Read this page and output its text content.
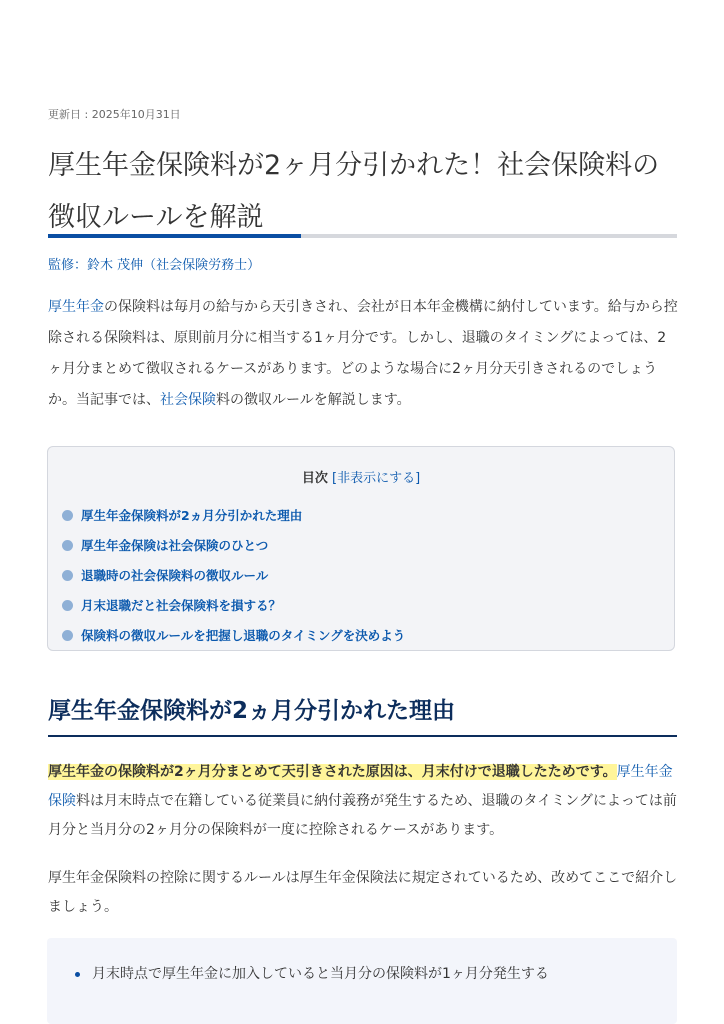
更新日 : 2025年10月31日
厚生年金保険料が2ヶ月分引かれた！社会保険料の徴収ルールを解説
監修：鈴木 茂伸（社会保険労務士）

厚生年金の保険料は毎月の給与から天引きされ、会社が日本年金機構に納付しています。給与から控除される保険料は、原則前月分に相当する1ヶ月分です。しかし、退職のタイミングによっては、2ヶ月分まとめて徴収されるケースがあります。どのような場合に2ヶ月分天引きされるのでしょうか。当記事では、社会保険料の徴収ルールを解説します。

目次 [非表示にする]
厚生年金保険料が2ヵ月分引かれた理由
厚生年金保険は社会保険のひとつ
退職時の社会保険料の徴収ルール
月末退職だと社会保険料を損する？
保険料の徴収ルールを把握し退職のタイミングを決めよう
厚生年金保険料が2ヵ月分引かれた理由

厚生年金の保険料が2ヶ月分まとめて天引きされた原因は、月末付けで退職したためです。厚生年金保険料は月末時点で在籍している従業員に納付義務が発生するため、退職のタイミングによっては前月分と当月分の2ヶ月分の保険料が一度に控除されるケースがあります。

厚生年金保険料の控除に関するルールは厚生年金保険法に規定されているため、改めてここで紹介しましょう。

月末時点で厚生年金に加入していると当月分の保険料が1ヶ月分発生する
